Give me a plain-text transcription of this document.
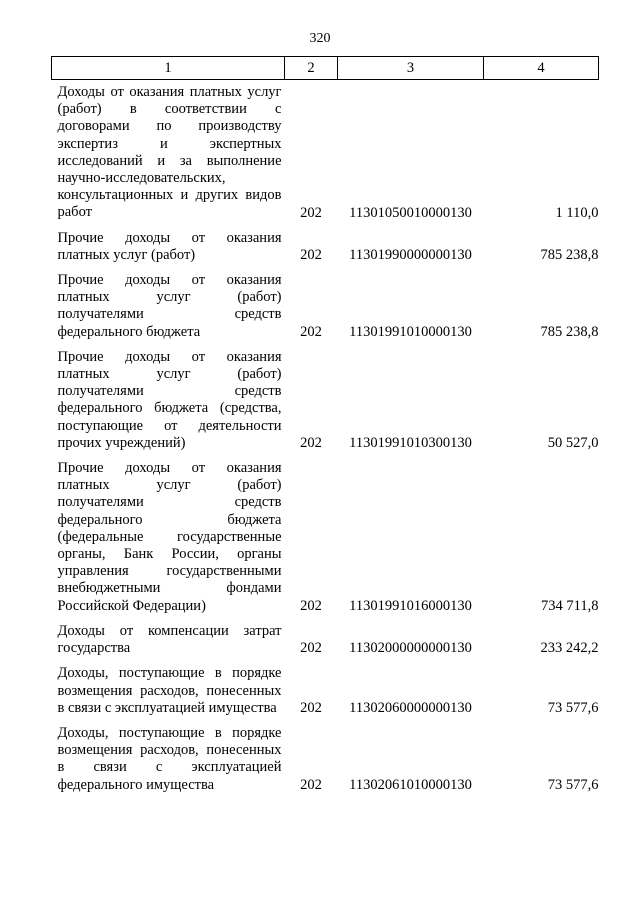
320
1	2	3	4
Доходы от оказания платных услуг (работ) в соответствии с договорами по производству экспертиз и экспертных исследований и за выполнение научно-исследовательских, консультационных и других видов работ	202	11301050010000130	1 110,0

Прочие доходы от оказания платных услуг (работ)	202	11301990000000130	785 238,8

Прочие доходы от оказания платных услуг (работ) получателями средств федерального бюджета	202	11301991010000130	785 238,8

Прочие доходы от оказания платных услуг (работ) получателями средств федерального бюджета (средства, поступающие от деятельности прочих учреждений)	202	11301991010300130	50 527,0

Прочие доходы от оказания платных услуг (работ) получателями средств федерального бюджета (федеральные государственные органы, Банк России, органы управления государственными внебюджетными фондами Российской Федерации)	202	11301991016000130	734 711,8

Доходы от компенсации затрат государства	202	11302000000000130	233 242,2

Доходы, поступающие в порядке возмещения расходов, понесенных в связи с эксплуатацией имущества	202	11302060000000130	73 577,6

Доходы, поступающие в порядке возмещения расходов, понесенных в связи с эксплуатацией федерального имущества	202	11302061010000130	73 577,6
